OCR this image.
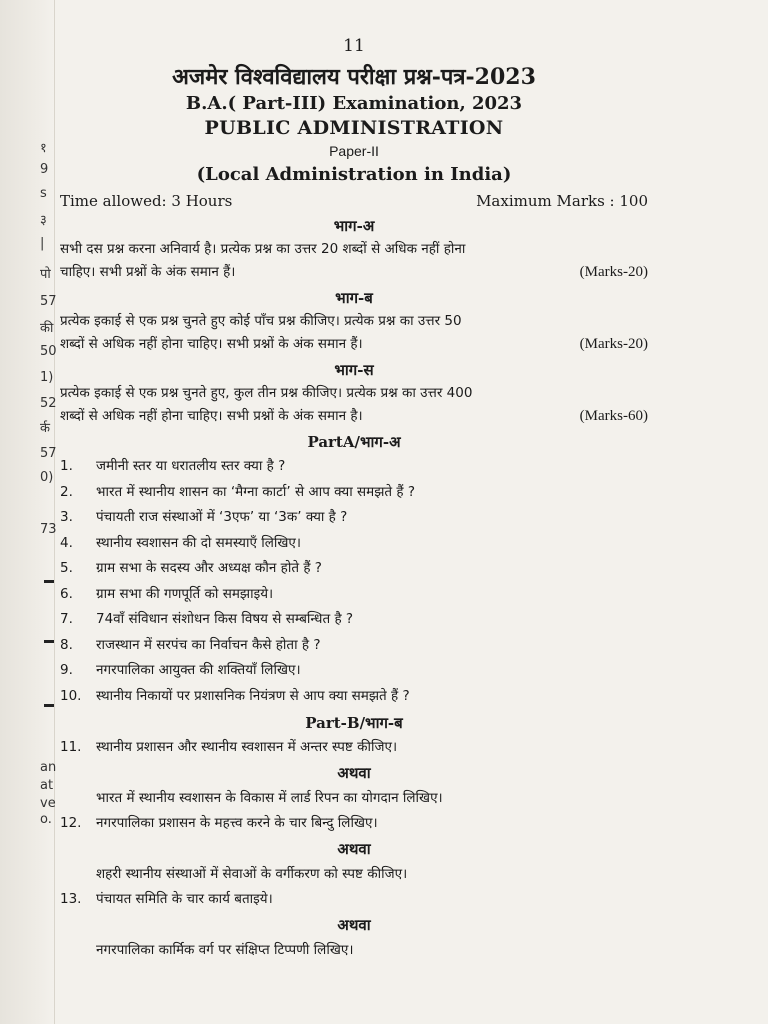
१
9
s
३
|
पो
57
की
50
1)
52
र्क
57
0)
73
an
at
ve
o.
11
अजमेर विश्वविद्यालय परीक्षा प्रश्न-पत्र-2023
B.A.( Part-III) Examination, 2023
PUBLIC ADMINISTRATION
Paper-II
(Local Administration in India)
Time allowed: 3 Hours	Maximum Marks : 100
भाग-अ
सभी दस प्रश्न करना अनिवार्य है। प्रत्येक प्रश्न का उत्तर 20 शब्दों से अधिक नहीं होना
चाहिए। सभी प्रश्नों के अंक समान हैं।	(Marks-20)
भाग-ब
प्रत्येक इकाई से एक प्रश्न चुनते हुए कोई पाँच प्रश्न कीजिए। प्रत्येक प्रश्न का उत्तर 50
शब्दों से अधिक नहीं होना चाहिए। सभी प्रश्नों के अंक समान हैं।	(Marks-20)
भाग-स
प्रत्येक इकाई से एक प्रश्न चुनते हुए, कुल तीन प्रश्न कीजिए। प्रत्येक प्रश्न का उत्तर 400
शब्दों से अधिक नहीं होना चाहिए। सभी प्रश्नों के अंक समान है।	(Marks-60)
PartA/भाग-अ
1.	जमीनी स्तर या धरातलीय स्तर क्या है ?
2.	भारत में स्थानीय शासन का ‘मैग्ना कार्टा’ से आप क्या समझते हैं ?
3.	पंचायती राज संस्थाओं में ‘3एफ’ या ‘3क’ क्या है ?
4.	स्थानीय स्वशासन की दो समस्याएँ लिखिए।
5.	ग्राम सभा के सदस्य और अध्यक्ष कौन होते हैं ?
6.	ग्राम सभा की गणपूर्ति को समझाइये।
7.	74वाँ संविधान संशोधन किस विषय से सम्बन्धित है ?
8.	राजस्थान में सरपंच का निर्वाचन कैसे होता है ?
9.	नगरपालिका आयुक्त की शक्तियाँ लिखिए।
10.	स्थानीय निकायों पर प्रशासनिक नियंत्रण से आप क्या समझते हैं ?
Part-B/भाग-ब
11.	स्थानीय प्रशासन और स्थानीय स्वशासन में अन्तर स्पष्ट कीजिए।
अथवा
भारत में स्थानीय स्वशासन के विकास में लार्ड रिपन का योगदान लिखिए।
12.	नगरपालिका प्रशासन के महत्त्व करने के चार बिन्दु लिखिए।
अथवा
शहरी स्थानीय संस्थाओं में सेवाओं के वर्गीकरण को स्पष्ट कीजिए।
13.	पंचायत समिति के चार कार्य बताइये।
अथवा
नगरपालिका कार्मिक वर्ग पर संक्षिप्त टिप्पणी लिखिए।
